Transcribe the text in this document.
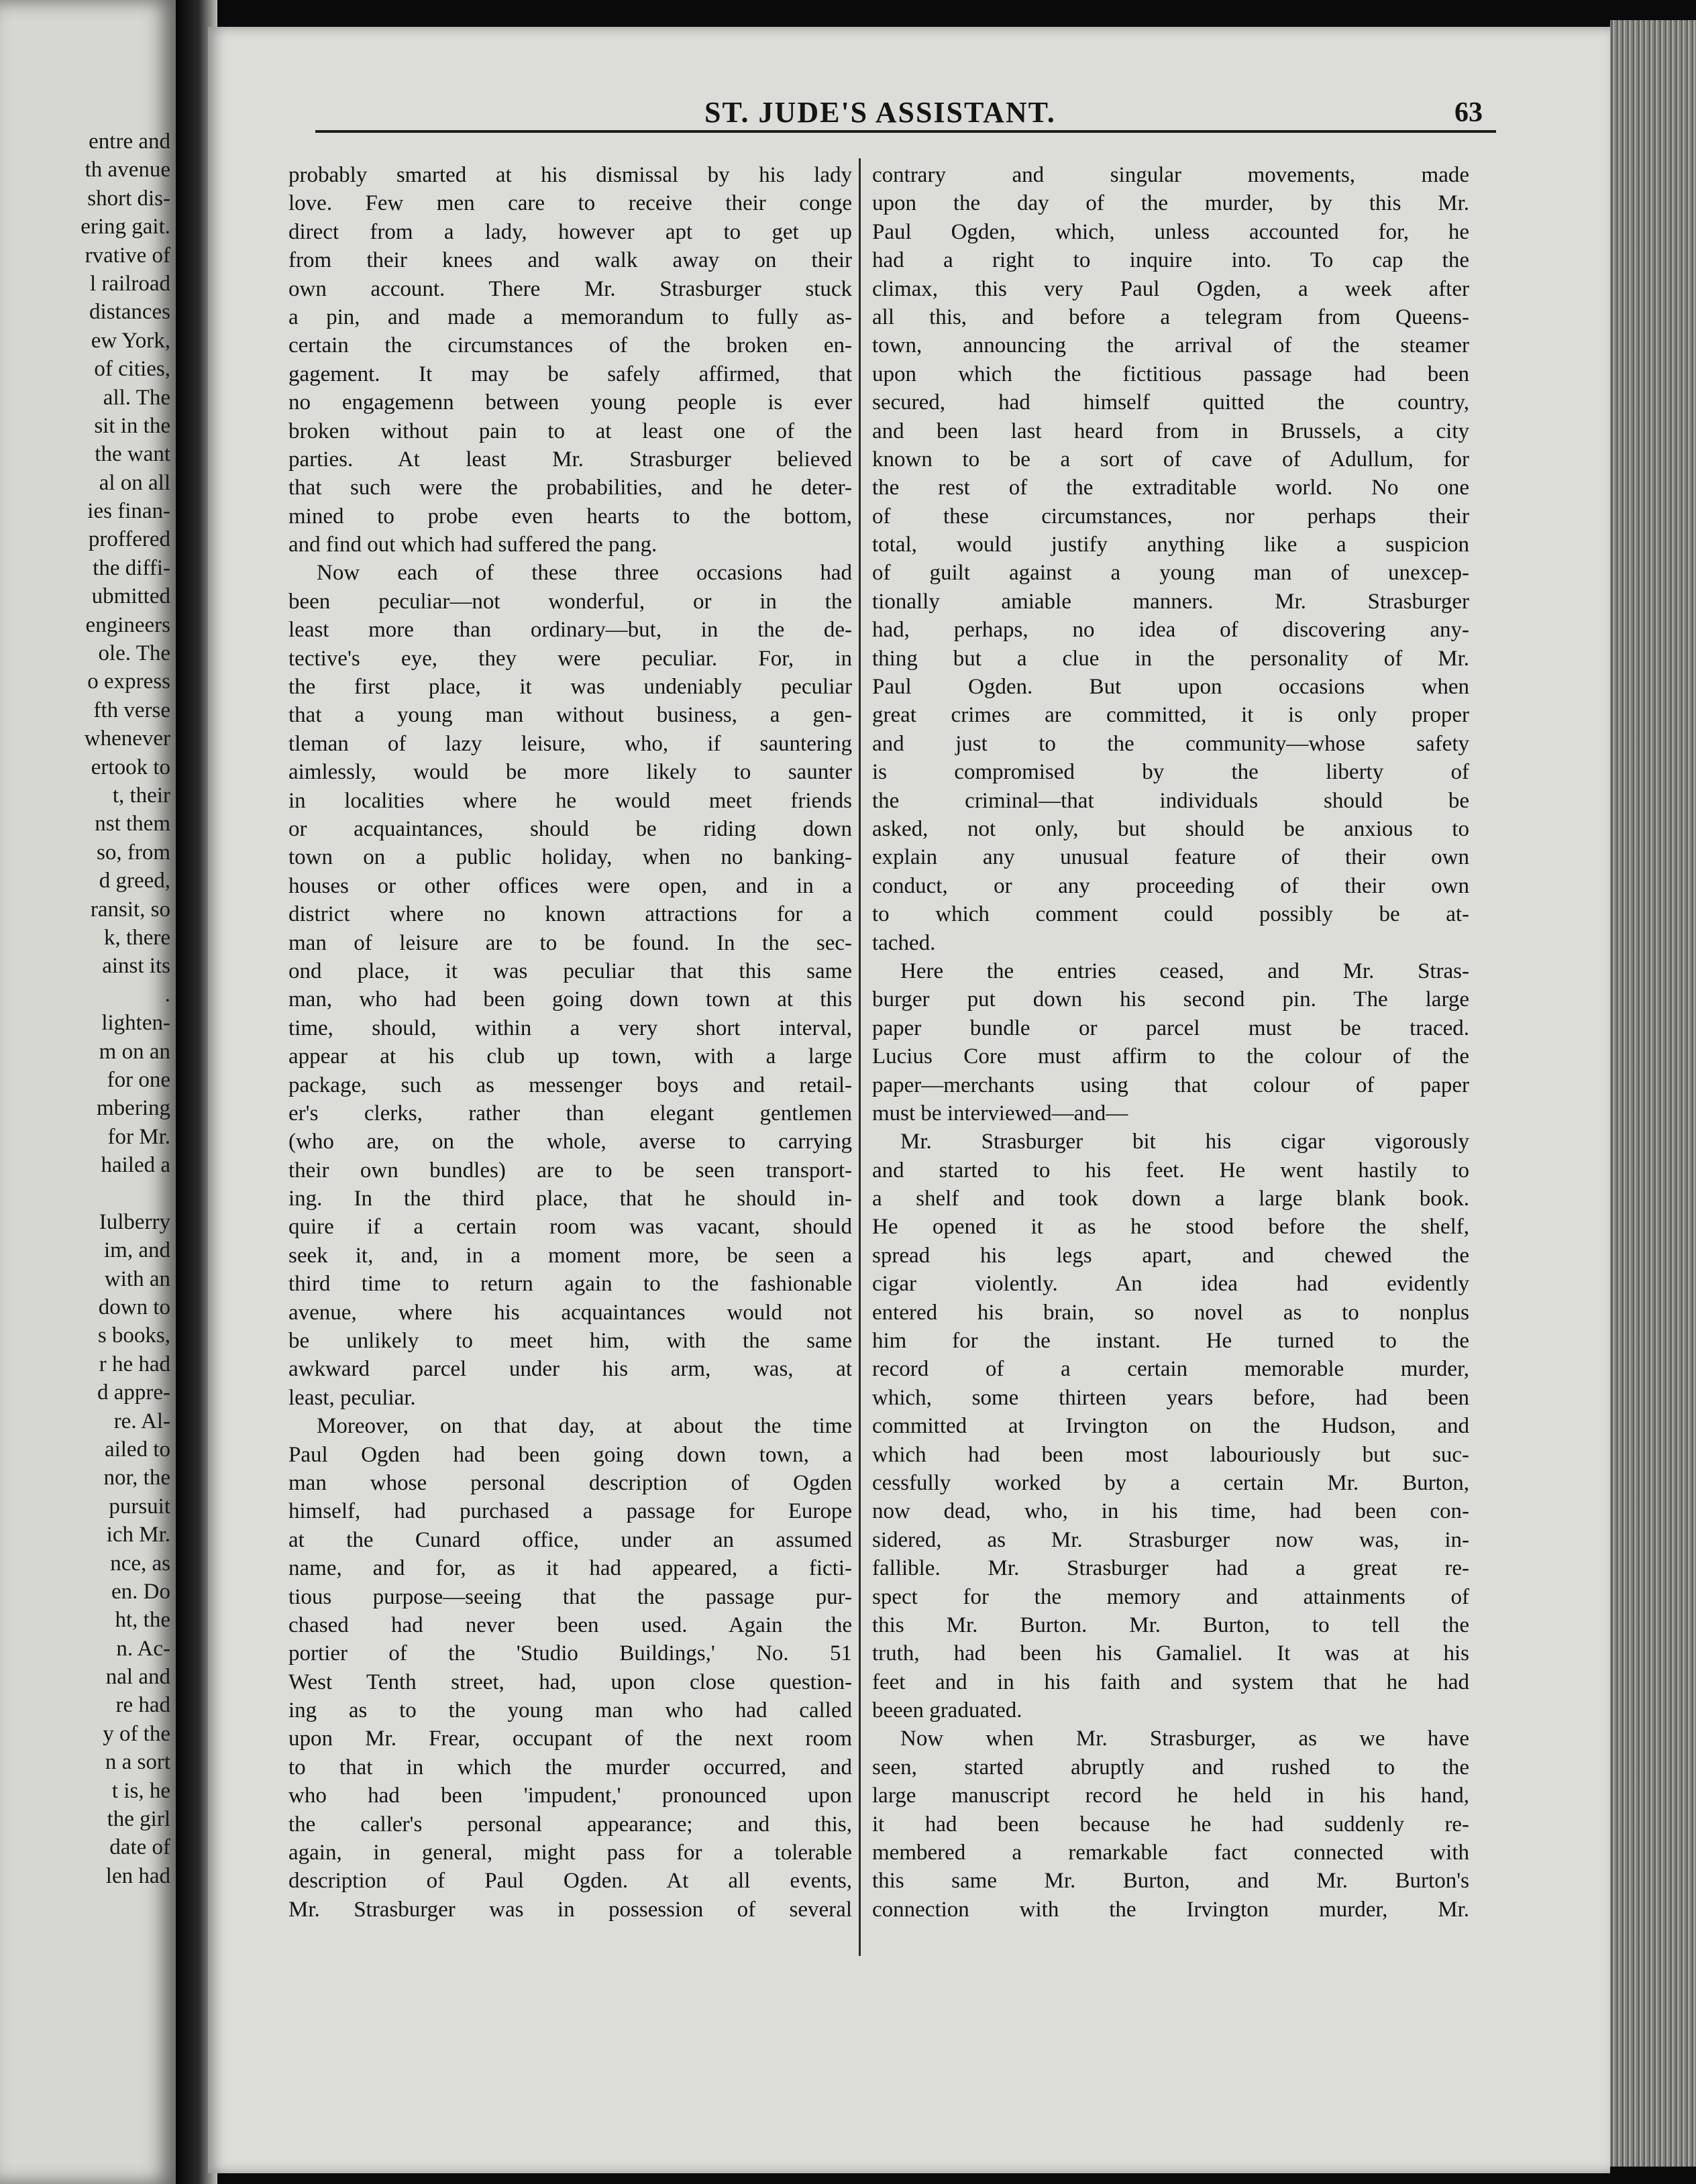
entre and
th avenue
short dis-
ering gait.
rvative of
l railroad
distances
ew York,
of cities,
all. The
sit in the
the want
al on all
ies finan-
proffered
the diffi-
ubmitted
engineers
ole. The
o express
fth verse
whenever
ertook to
t, their
nst them
so, from
d greed,
ransit, so
k, there
ainst its
.
lighten-
m on an
for one
mbering
for Mr.
hailed a
Iulberry
im, and
with an
down to
s books,
r he had
d appre-
re. Al-
ailed to
nor, the
pursuit
ich Mr.
nce, as
en. Do
ht, the
n. Ac-
nal and
re had
y of the
n a sort
t is, he
the girl
date of
len had
ST. JUDE'S ASSISTANT.	63
probably smarted at his dismissal by his lady
love. Few men care to receive their conge
direct from a lady, however apt to get up
from their knees and walk away on their
own account. There Mr. Strasburger stuck
a pin, and made a memorandum to fully as-
certain the circumstances of the broken en-
gagement. It may be safely affirmed, that
no engagemenn between young people is ever
broken without pain to at least one of the
parties. At least Mr. Strasburger believed
that such were the probabilities, and he deter-
mined to probe even hearts to the bottom,
and find out which had suffered the pang.
Now each of these three occasions had
been peculiar—not wonderful, or in the
least more than ordinary—but, in the de-
tective's eye, they were peculiar. For, in
the first place, it was undeniably peculiar
that a young man without business, a gen-
tleman of lazy leisure, who, if sauntering
aimlessly, would be more likely to saunter
in localities where he would meet friends
or acquaintances, should be riding down
town on a public holiday, when no banking-
houses or other offices were open, and in a
district where no known attractions for a
man of leisure are to be found. In the sec-
ond place, it was peculiar that this same
man, who had been going down town at this
time, should, within a very short interval,
appear at his club up town, with a large
package, such as messenger boys and retail-
er's clerks, rather than elegant gentlemen
(who are, on the whole, averse to carrying
their own bundles) are to be seen transport-
ing. In the third place, that he should in-
quire if a certain room was vacant, should
seek it, and, in a moment more, be seen a
third time to return again to the fashionable
avenue, where his acquaintances would not
be unlikely to meet him, with the same
awkward parcel under his arm, was, at
least, peculiar.
Moreover, on that day, at about the time
Paul Ogden had been going down town, a
man whose personal description of Ogden
himself, had purchased a passage for Europe
at the Cunard office, under an assumed
name, and for, as it had appeared, a ficti-
tious purpose—seeing that the passage pur-
chased had never been used. Again the
portier of the 'Studio Buildings,' No. 51
West Tenth street, had, upon close question-
ing as to the young man who had called
upon Mr. Frear, occupant of the next room
to that in which the murder occurred, and
who had been 'impudent,' pronounced upon
the caller's personal appearance; and this,
again, in general, might pass for a tolerable
description of Paul Ogden. At all events,
Mr. Strasburger was in possession of several
contrary and singular movements, made
upon the day of the murder, by this Mr.
Paul Ogden, which, unless accounted for, he
had a right to inquire into. To cap the
climax, this very Paul Ogden, a week after
all this, and before a telegram from Queens-
town, announcing the arrival of the steamer
upon which the fictitious passage had been
secured, had himself quitted the country,
and been last heard from in Brussels, a city
known to be a sort of cave of Adullum, for
the rest of the extraditable world. No one
of these circumstances, nor perhaps their
total, would justify anything like a suspicion
of guilt against a young man of unexcep-
tionally amiable manners. Mr. Strasburger
had, perhaps, no idea of discovering any-
thing but a clue in the personality of Mr.
Paul Ogden. But upon occasions when
great crimes are committed, it is only proper
and just to the community—whose safety
is compromised by the liberty of
the criminal—that individuals should be
asked, not only, but should be anxious to
explain any unusual feature of their own
conduct, or any proceeding of their own
to which comment could possibly be at-
tached.
Here the entries ceased, and Mr. Stras-
burger put down his second pin. The large
paper bundle or parcel must be traced.
Lucius Core must affirm to the colour of the
paper—merchants using that colour of paper
must be interviewed—and—
Mr. Strasburger bit his cigar vigorously
and started to his feet. He went hastily to
a shelf and took down a large blank book.
He opened it as he stood before the shelf,
spread his legs apart, and chewed the
cigar violently. An idea had evidently
entered his brain, so novel as to nonplus
him for the instant. He turned to the
record of a certain memorable murder,
which, some thirteen years before, had been
committed at Irvington on the Hudson, and
which had been most labouriously but suc-
cessfully worked by a certain Mr. Burton,
now dead, who, in his time, had been con-
sidered, as Mr. Strasburger now was, in-
fallible. Mr. Strasburger had a great re-
spect for the memory and attainments of
this Mr. Burton. Mr. Burton, to tell the
truth, had been his Gamaliel. It was at his
feet and in his faith and system that he had
beeen graduated.
Now when Mr. Strasburger, as we have
seen, started abruptly and rushed to the
large manuscript record he held in his hand,
it had been because he had suddenly re-
membered a remarkable fact connected with
this same Mr. Burton, and Mr. Burton's
connection with the Irvington murder, Mr.
